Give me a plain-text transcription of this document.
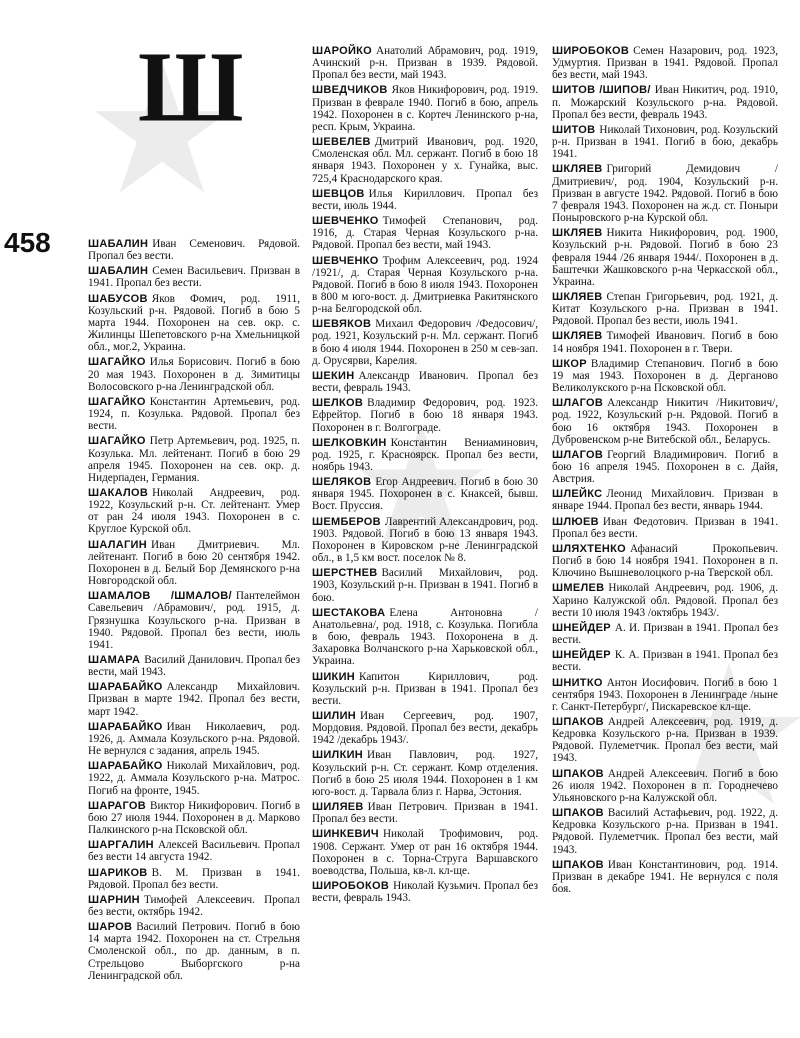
Ш
458	ШАБАЛИН Иван Семенович. Рядовой. Пропал без вести.
ШАБАЛИН Семен Васильевич. Призван в 1941. Пропал без вести.
ШАБУСОВ Яков Фомич, род. 1911, Козульский р-н. Рядовой. Погиб в бою 5 марта 1944. Похоронен на сев. окр. с. Жилинцы Шепетовского р-на Хмельницкой обл., мог.2, Украина.
ШАГАЙКО Илья Борисович. Погиб в бою 20 мая 1943. Похоронен в д. Зимитицы Волосовского р-на Ленинградской обл.
ШАГАЙКО Константин Артемьевич, род. 1924, п. Козулька. Рядовой. Пропал без вести.
ШАГАЙКО Петр Артемьевич, род. 1925, п. Козулька. Мл. лейтенант. Погиб в бою 29 апреля 1945. Похоронен на сев. окр. д. Нидерпаден, Германия.
ШАКАЛОВ Николай Андреевич, род. 1922, Козульский р-н. Ст. лейтенант. Умер от ран 24 июля 1943. Похоронен в с. Круглое Курской обл.
ШАЛАГИН Иван Дмитриевич. Мл. лейтенант. Погиб в бою 20 сентября 1942. Похоронен в д. Белый Бор Демянского р-на Новгородской обл.
ШАМАЛОВ /ШМАЛОВ/ Пантелеймон Савельевич /Абрамович/, род. 1915, д. Грязнушка Козульского р-на. Призван в 1940. Рядовой. Пропал без вести, июль 1941.
ШАМАРА Василий Данилович. Пропал без вести, май 1943.
ШАРАБАЙКО Александр Михайлович. Призван в марте 1942. Пропал без вести, март 1942.
ШАРАБАЙКО Иван Николаевич, род. 1926, д. Аммала Козульского р-на. Рядовой. Не вернулся с задания, апрель 1945.
ШАРАБАЙКО Николай Михайлович, род. 1922, д. Аммала Козульского р-на. Матрос. Погиб на фронте, 1945.
ШАРАГОВ Виктор Никифорович. Погиб в бою 27 июля 1944. Похоронен в д. Марково Палкинского р-на Псковской обл.
ШАРГАЛИН Алексей Васильевич. Пропал без вести 14 августа 1942.
ШАРИКОВ В. М. Призван в 1941. Рядовой. Пропал без вести.
ШАРНИН Тимофей Алексеевич. Пропал без вести, октябрь 1942.
ШАРОВ Василий Петрович. Погиб в бою 14 марта 1942. Похоронен на ст. Стрельня Смоленской обл., по др. данным, в п. Стрельцово Выборгского р-на Ленинградской обл.
ШАРОЙКО Анатолий Абрамович, род. 1919, Ачинский р-н. Призван в 1939. Рядовой. Пропал без вести, май 1943.
ШВЕДЧИКОВ Яков Никифорович, род. 1919. Призван в феврале 1940. Погиб в бою, апрель 1942. Похоронен в с. Кортеч Ленинского р-на, респ. Крым, Украина.
ШЕВЕЛЕВ Дмитрий Иванович, род. 1920, Смоленская обл. Мл. сержант. Погиб в бою 18 января 1943. Похоронен у х. Гунайка, выс. 725,4 Краснодарского края.
ШЕВЦОВ Илья Кириллович. Пропал без вести, июль 1944.
ШЕВЧЕНКО Тимофей Степанович, род. 1916, д. Старая Черная Козульского р-на. Рядовой. Пропал без вести, май 1943.
ШЕВЧЕНКО Трофим Алексеевич, род. 1924 /1921/, д. Старая Черная Козульского р-на. Рядовой. Погиб в бою 8 июля 1943. Похоронен в 800 м юго-вост. д. Дмитриевка Ракитянского р-на Белгородской обл.
ШЕВЯКОВ Михаил Федорович /Федосович/, род. 1921, Козульский р-н. Мл. сержант. Погиб в бою 4 июля 1944. Похоронен в 250 м сев-зап. д. Орусярви, Карелия.
ШЕКИН Александр Иванович. Пропал без вести, февраль 1943.
ШЕЛКОВ Владимир Федорович, род. 1923. Ефрейтор. Погиб в бою 18 января 1943. Похоронен в г. Волгограде.
ШЕЛКОВКИН Константин Вениаминович, род. 1925, г. Красноярск. Пропал без вести, ноябрь 1943.
ШЕЛЯКОВ Егор Андреевич. Погиб в бою 30 января 1945. Похоронен в с. Кнаксей, бывш. Вост. Пруссия.
ШЕМБЕРОВ Лаврентий Александрович, род. 1903. Рядовой. Погиб в бою 13 января 1943. Похоронен в Кировском р-не Ленинградской обл., в 1,5 км вост. поселок № 8.
ШЕРСТНЕВ Василий Михайлович, род. 1903, Козульский р-н. Призван в 1941. Погиб в бою.
ШЕСТАКОВА Елена Антоновна /Анатольевна/, род. 1918, с. Козулька. Погибла в бою, февраль 1943. Похоронена в д. Захаровка Волчанского р-на Харьковской обл., Украина.
ШИКИН Капитон Кириллович, род. Козульский р-н. Призван в 1941. Пропал без вести.
ШИЛИН Иван Сергеевич, род. 1907, Мордовия. Рядовой. Пропал без вести, декабрь 1942 /декабрь 1943/.
ШИЛКИН Иван Павлович, род. 1927, Козульский р-н. Ст. сержант. Комр отделения. Погиб в бою 25 июля 1944. Похоронен в 1 км юго-вост. д. Тарвала близ г. Нарва, Эстония.
ШИЛЯЕВ Иван Петрович. Призван в 1941. Пропал без вести.
ШИНКЕВИЧ Николай Трофимович, род. 1908. Сержант. Умер от ран 16 октября 1944. Похоронен в с. Торна-Струга Варшавского воеводства, Польша, кв-л. кл-ще.
ШИРОБОКОВ Николай Кузьмич. Пропал без вести, февраль 1943.
ШИРОБОКОВ Семен Назарович, род. 1923, Удмуртия. Призван в 1941. Рядовой. Пропал без вести, май 1943.
ШИТОВ /ШИПОВ/ Иван Никитич, род. 1910, п. Можарский Козульского р-на. Рядовой. Пропал без вести, февраль 1943.
ШИТОВ Николай Тихонович, род. Козульский р-н. Призван в 1941. Погиб в бою, декабрь 1941.
ШКЛЯЕВ Григорий Демидович /Дмитриевич/, род. 1904, Козульский р-н. Призван в августе 1942. Рядовой. Погиб в бою 7 февраля 1943. Похоронен на ж.д. ст. Поныри Поныровского р-на Курской обл.
ШКЛЯЕВ Никита Никифорович, род. 1900, Козульский р-н. Рядовой. Погиб в бою 23 февраля 1944 /26 января 1944/. Похоронен в д. Баштечки Жашковского р-на Черкасской обл., Украина.
ШКЛЯЕВ Степан Григорьевич, род. 1921, д. Китат Козульского р-на. Призван в 1941. Рядовой. Пропал без вести, июль 1941.
ШКЛЯЕВ Тимофей Иванович. Погиб в бою 14 ноября 1941. Похоронен в г. Твери.
ШКОР Владимир Степанович. Погиб в бою 19 мая 1943. Похоронен в д. Дерганово Великолукского р-на Псковской обл.
ШЛАГОВ Александр Никитич /Никитович/, род. 1922, Козульский р-н. Рядовой. Погиб в бою 16 октября 1943. Похоронен в Дубровенском р-не Витебской обл., Беларусь.
ШЛАГОВ Георгий Владимирович. Погиб в бою 16 апреля 1945. Похоронен в с. Дайя, Австрия.
ШЛЕЙКС Леонид Михайлович. Призван в январе 1944. Пропал без вести, январь 1944.
ШЛЮЕВ Иван Федотович. Призван в 1941. Пропал без вести.
ШЛЯХТЕНКО Афанасий Прокопьевич. Погиб в бою 14 ноября 1941. Похоронен в п. Ключино Вышневолоцкого р-на Тверской обл.
ШМЕЛЕВ Николай Андреевич, род. 1906, д. Харино Калужской обл. Рядовой. Пропал без вести 10 июля 1943 /октябрь 1943/.
ШНЕЙДЕР А. И. Призван в 1941. Пропал без вести.
ШНЕЙДЕР К. А. Призван в 1941. Пропал без вести.
ШНИТКО Антон Иосифович. Погиб в бою 1 сентября 1943. Похоронен в Ленинграде /ныне г. Санкт-Петербург/, Пискаревское кл-ще.
ШПАКОВ Андрей Алексеевич, род. 1919, д. Кедровка Козульского р-на. Призван в 1939. Рядовой. Пулеметчик. Пропал без вести, май 1943.
ШПАКОВ Андрей Алексеевич. Погиб в бою 26 июля 1942. Похоронен в п. Городнечево Ульяновского р-на Калужской обл.
ШПАКОВ Василий Астафьевич, род. 1922, д. Кедровка Козульского р-на. Призван в 1941. Рядовой. Пулеметчик. Пропал без вести, май 1943.
ШПАКОВ Иван Константинович, род. 1914. Призван в декабре 1941. Не вернулся с поля боя.
